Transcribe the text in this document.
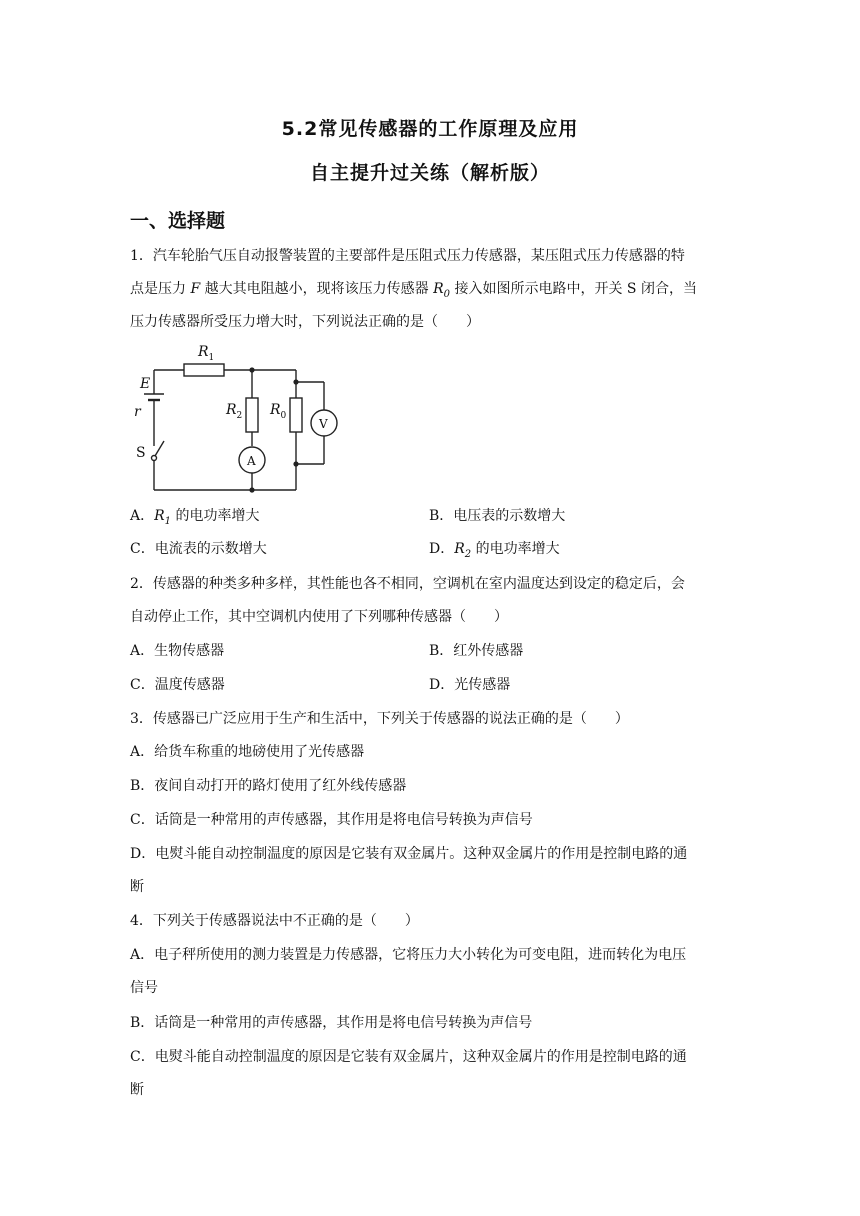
5.2常见传感器的工作原理及应用
自主提升过关练（解析版）
一、选择题
1．汽车轮胎气压自动报警装置的主要部件是压阻式压力传感器，某压阻式压力传感器的特
点是压力 F 越大其电阻越小，现将该压力传感器 $R_0$ 接入如图所示电路中，开关 S 闭合，当
压力传感器所受压力增大时，下列说法正确的是（　　）
$R_1$
E
r	$R_2$ $R_0$
S	A
V
A．$R_1$ 的电功率增大	B．电压表的示数增大
C．电流表的示数增大	D．$R_2$ 的电功率增大
2．传感器的种类多种多样，其性能也各不相同，空调机在室内温度达到设定的稳定后，会
自动停止工作，其中空调机内使用了下列哪种传感器（　　）
A．生物传感器	B．红外传感器
C．温度传感器	D．光传感器
3．传感器已广泛应用于生产和生活中，下列关于传感器的说法正确的是（　　）
A．给货车称重的地磅使用了光传感器
B．夜间自动打开的路灯使用了红外线传感器
C．话筒是一种常用的声传感器，其作用是将电信号转换为声信号
D．电熨斗能自动控制温度的原因是它装有双金属片。这种双金属片的作用是控制电路的通
断
4．下列关于传感器说法中不正确的是（　　）
A．电子秤所使用的测力装置是力传感器，它将压力大小转化为可变电阻，进而转化为电压
信号
B．话筒是一种常用的声传感器，其作用是将电信号转换为声信号
C．电熨斗能自动控制温度的原因是它装有双金属片，这种双金属片的作用是控制电路的通
断
